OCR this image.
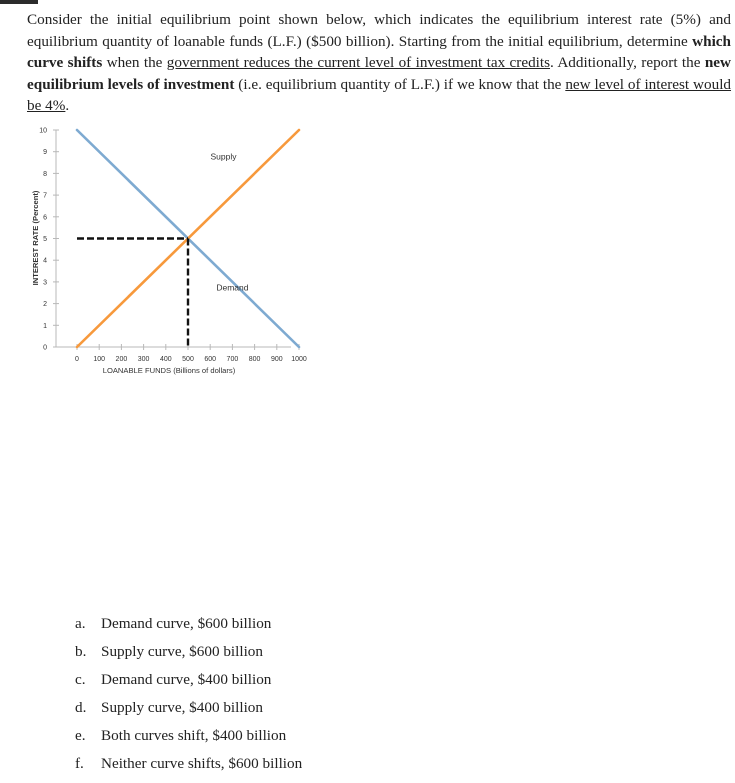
Consider the initial equilibrium point shown below, which indicates the equilibrium interest rate (5%) and equilibrium quantity of loanable funds (L.F.) ($500 billion). Starting from the initial equilibrium, determine which curve shifts when the government reduces the current level of investment tax credits. Additionally, report the new equilibrium levels of investment (i.e. equilibrium quantity of L.F.) if we know that the new level of interest would be 4%.

0
1
2
3
4
5
6
7
8
9
10
0 100 200 300 400 500 600 700 800 900 1000
Supply
Demand
LOANABLE FUNDS (Billions of dollars)
INTEREST RATE (Percent)
a.	Demand curve, $600 billion
b. Supply curve, $600 billion
c.	Demand curve, $400 billion
d. Supply curve, $400 billion
e.	Both curves shift, $400 billion
f.	Neither curve shifts, $600 billion
